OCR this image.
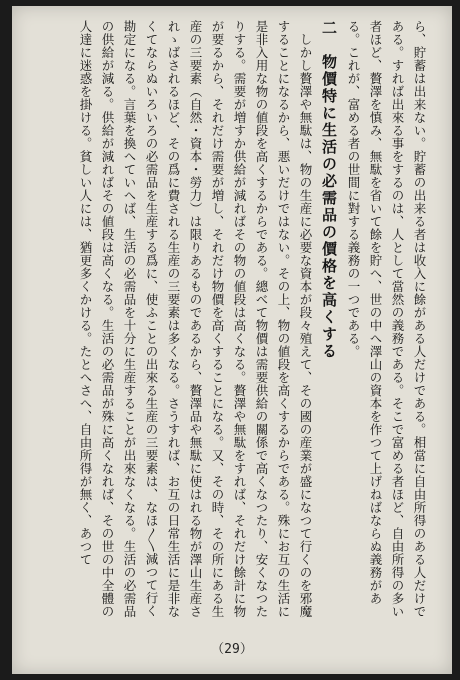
ら、貯蓄は出来ない。貯蓄の出来る者は收入に餘がある人だけである。相當に自由所得のある人だけである。すれば出來る事をするのは、人として當然の義務である。そこで富める者ほど、自由所得の多い者ほど、贅澤を慎み、無駄を省いて餘を貯へ、世の中へ澤山の資本を作つて上げねばならぬ義務がある。これが、富める者の世間に對する義務の一つである。

二　物價特に生活の必需品の價格を高くする

しかし贅澤や無駄は、物の生産に必要な資本が段々殖えて、その國の産業が盛になつて行くのを邪魔することになるから、悪いだけではない。その上、物の値段を高くするからである。殊にお互の生活に是非入用な物の値段を高くするからである。總べて物價は需要供給の關係で高くなつたり、安くなつたりする。需要が増すか供給が減ればその物の値段は高くなる。贅澤や無駄をすれば、それだけ餘計に物が要るから、それだけ需要が増し、それだけ物價を高くすることになる。又、その時、その所にある生産の三要素（自然・資本・勞力）は限りあるものであるから、贅澤品や無駄に使はれる物が澤山生産されゝばされるほど、その爲に費される生産の三要素は多くなる。さうすれば、お互の日常生活に是非なくてならぬいろいろの必需品を生産する爲に、使ふことの出來る生産の三要素は、なほ〱減つて行く勘定になる。言葉を換へていへば、生活の必需品を十分に生産することが出來なくなる。生活の必需品の供給が減る。供給が減ればその値段は高くなる。生活の必需品が殊に高くなれば、その世の中全體の人達に迷惑を掛ける。貧しい人には、猶更多くかける。たとへさへ、自由所得が無く、あつて

（29）
